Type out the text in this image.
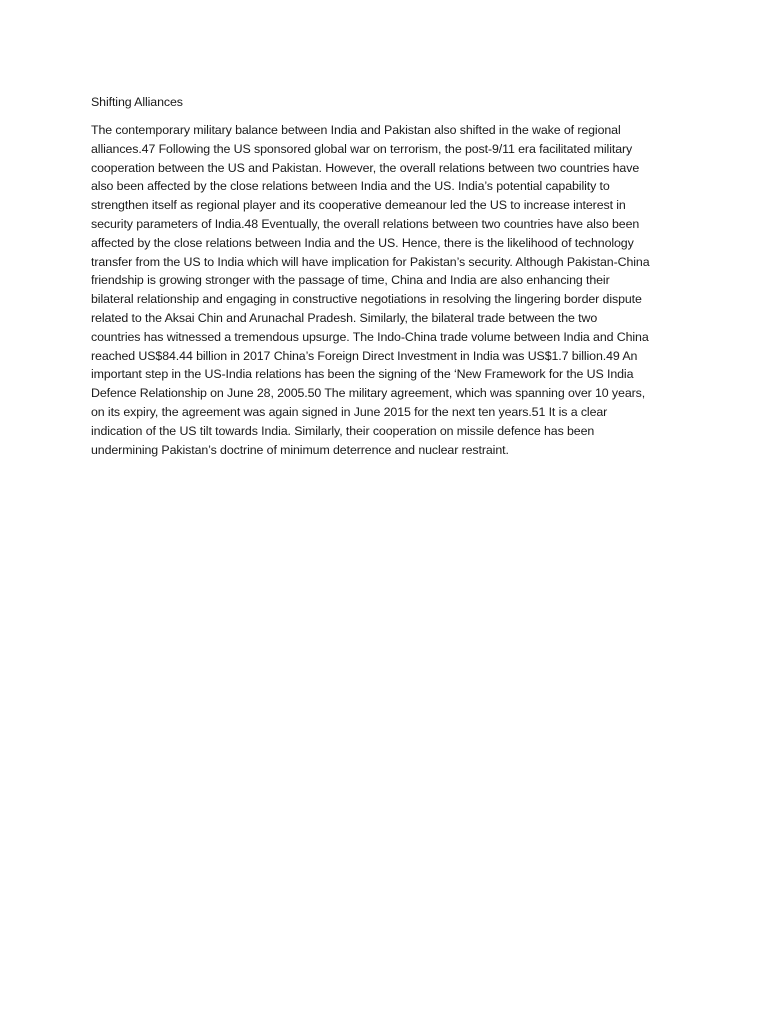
Shifting Alliances
The contemporary military balance between India and Pakistan also shifted in the wake of regional
alliances.47 Following the US sponsored global war on terrorism, the post-9/11 era facilitated military
cooperation between the US and Pakistan. However, the overall relations between two countries have
also been affected by the close relations between India and the US. India’s potential capability to
strengthen itself as regional player and its cooperative demeanour led the US to increase interest in
security parameters of India.48 Eventually, the overall relations between two countries have also been
affected by the close relations between India and the US. Hence, there is the likelihood of technology
transfer from the US to India which will have implication for Pakistan’s security. Although Pakistan-China
friendship is growing stronger with the passage of time, China and India are also enhancing their
bilateral relationship and engaging in constructive negotiations in resolving the lingering border dispute
related to the Aksai Chin and Arunachal Pradesh. Similarly, the bilateral trade between the two
countries has witnessed a tremendous upsurge. The Indo-China trade volume between India and China
reached US$84.44 billion in 2017 China’s Foreign Direct Investment in India was US$1.7 billion.49 An
important step in the US-India relations has been the signing of the ‘New Framework for the US India
Defence Relationship on June 28, 2005.50 The military agreement, which was spanning over 10 years,
on its expiry, the agreement was again signed in June 2015 for the next ten years.51 It is a clear
indication of the US tilt towards India. Similarly, their cooperation on missile defence has been
undermining Pakistan’s doctrine of minimum deterrence and nuclear restraint.
